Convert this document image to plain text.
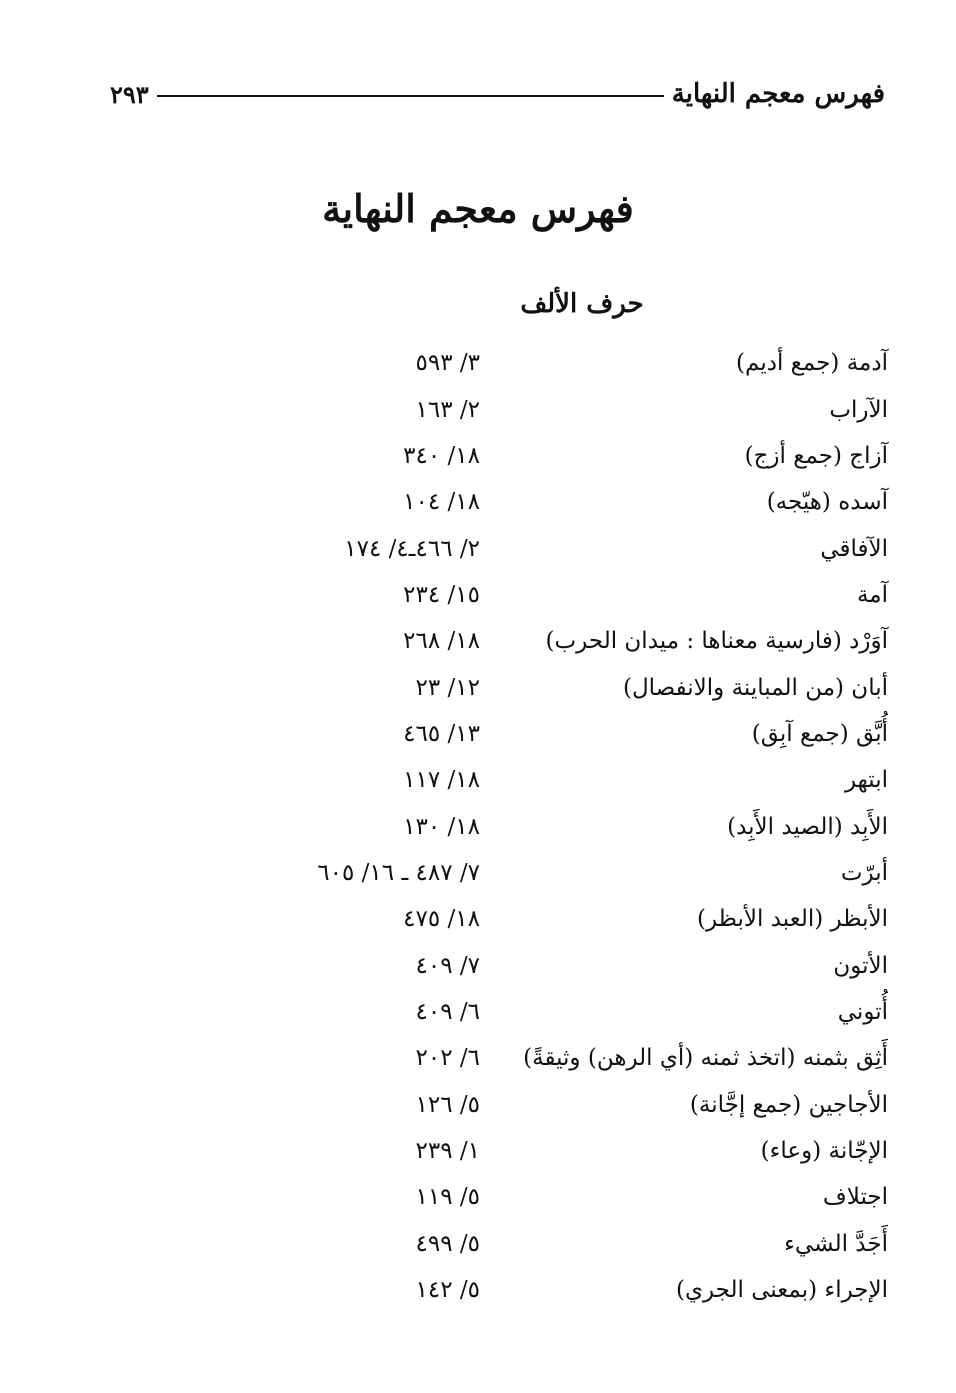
فهرس معجم النهاية
٢٩٣
فهرس معجم النهاية
حرف الألف
آدمة (جمع أديم)
٣/ ٥٩٣
الآراب
٢/ ١٦٣
آزاج (جمع أزج)
١٨/ ٣٤٠
آسده (هيّجه)
١٨/ ١٠٤
الآفاقي
٢/ ٤٦٦ـ٤/ ١٧٤
آمة
١٥/ ٢٣٤
آوَرْد (فارسية معناها : ميدان الحرب)
١٨/ ٢٦٨
أبان (من المباينة والانفصال)
١٢/ ٢٣
أُبَّق (جمع آبِق)
١٣/ ٤٦٥
ابتهر
١٨/ ١١٧
الأَبِد (الصيد الأَبِد)
١٨/ ١٣٠
أبرّت
٧/ ٤٨٧ ـ ١٦/ ٦٠٥
الأبظر (العبد الأبظر)
١٨/ ٤٧٥
الأتون
٧/ ٤٠٩
أُتوني
٦/ ٤٠٩
أَثِق بثمنه (اتخذ ثمنه (أي الرهن) وثيقةً)
٦/ ٢٠٢
الأجاجين (جمع إجَّانة)
٥/ ١٢٦
الإجّانة (وعاء)
١/ ٢٣٩
اجتلاف
٥/ ١١٩
أَجَدَّ الشيء
٥/ ٤٩٩
الإجراء (بمعنى الجري)
٥/ ١٤٢
